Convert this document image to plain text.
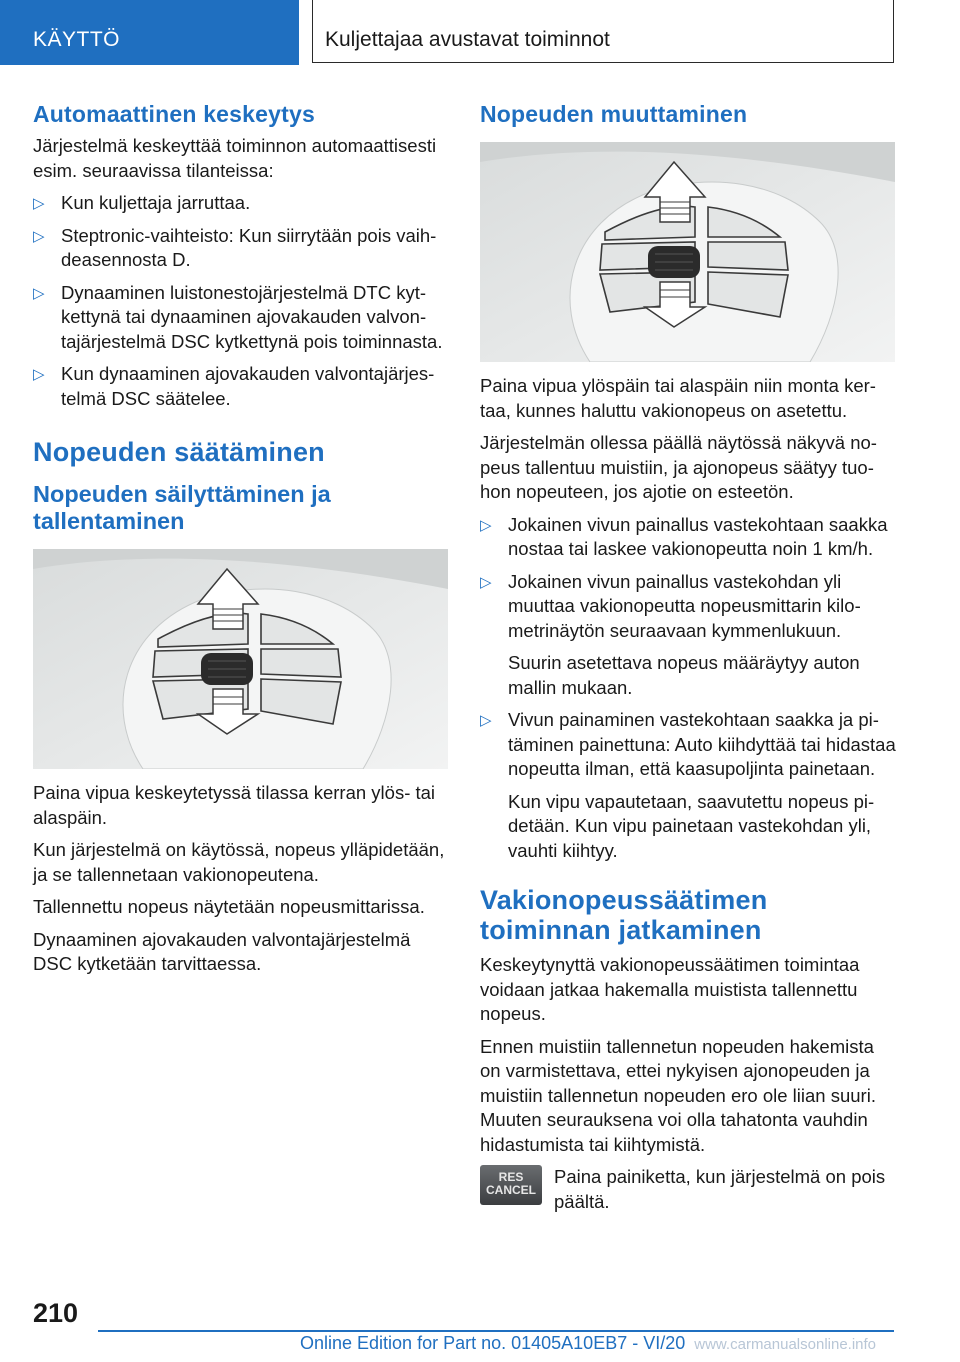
KÄYTTÖ	Kuljettajaa avustavat toiminnot
Automaattinen keskeytys

Järjestelmä keskeyttää toiminnon automaattisesti esim. seuraavissa tilanteissa:

▷ Kun kuljettaja jarruttaa.
▷ Steptronic-vaihteisto: Kun siirrytään pois vaihdeasennosta D.
▷ Dynaaminen luistonestojärjestelmä DTC kytkettynä tai dynaaminen ajovakauden valvontajärjestelmä DSC kytkettynä pois toiminnasta.
▷ Kun dynaaminen ajovakauden valvontajärjestelmä DSC säätelee.
Nopeuden säätäminen
Nopeuden säilyttäminen ja tallentaminen

Paina vipua keskeytetyssä tilassa kerran ylös- tai alaspäin.

Kun järjestelmä on käytössä, nopeus ylläpidetään, ja se tallennetaan vakionopeutena.

Tallennettu nopeus näytetään nopeusmittarissa.

Dynaaminen ajovakauden valvontajärjestelmä DSC kytketään tarvittaessa.

Nopeuden muuttaminen

Paina vipua ylöspäin tai alaspäin niin monta kertaa, kunnes haluttu vakionopeus on asetettu.

Järjestelmän ollessa päällä näytössä näkyvä nopeus tallentuu muistiin, ja ajonopeus säätyy tuohon nopeuteen, jos ajotie on esteetön.

▷ Jokainen vivun painallus vastekohtaan saakka nostaa tai laskee vakionopeutta noin 1 km/h.
▷ Jokainen vivun painallus vastekohdan yli muuttaa vakionopeutta nopeusmittarin kilometrinäytön seuraavaan kymmenlukuun.

Suurin asetettava nopeus määräytyy auton mallin mukaan.

▷ Vivun painaminen vastekohtaan saakka ja pitäminen painettuna: Auto kiihdyttää tai hidastaa nopeutta ilman, että kaasupoljinta painetaan.

Kun vipu vapautetaan, saavutettu nopeus pidetään. Kun vipu painetaan vastekohdan yli, vauhti kiihtyy.

Vakionopeussäätimen toiminnan jatkaminen

Keskeytynyttä vakionopeussäätimen toimintaa voidaan jatkaa hakemalla muistista tallennettu nopeus.

Ennen muistiin tallennetun nopeuden hakemista on varmistettava, ettei nykyisen ajonopeuden ja muistiin tallennetun nopeuden ero ole liian suuri. Muuten seurauksena voi olla tahatonta vauhdin hidastumista tai kiihtymistä.

RES
CANCEL

Paina painiketta, kun järjestelmä on pois päältä.

210
Online Edition for Part no. 01405A10EB7 - VI/20 www.carmanualsonline.info
